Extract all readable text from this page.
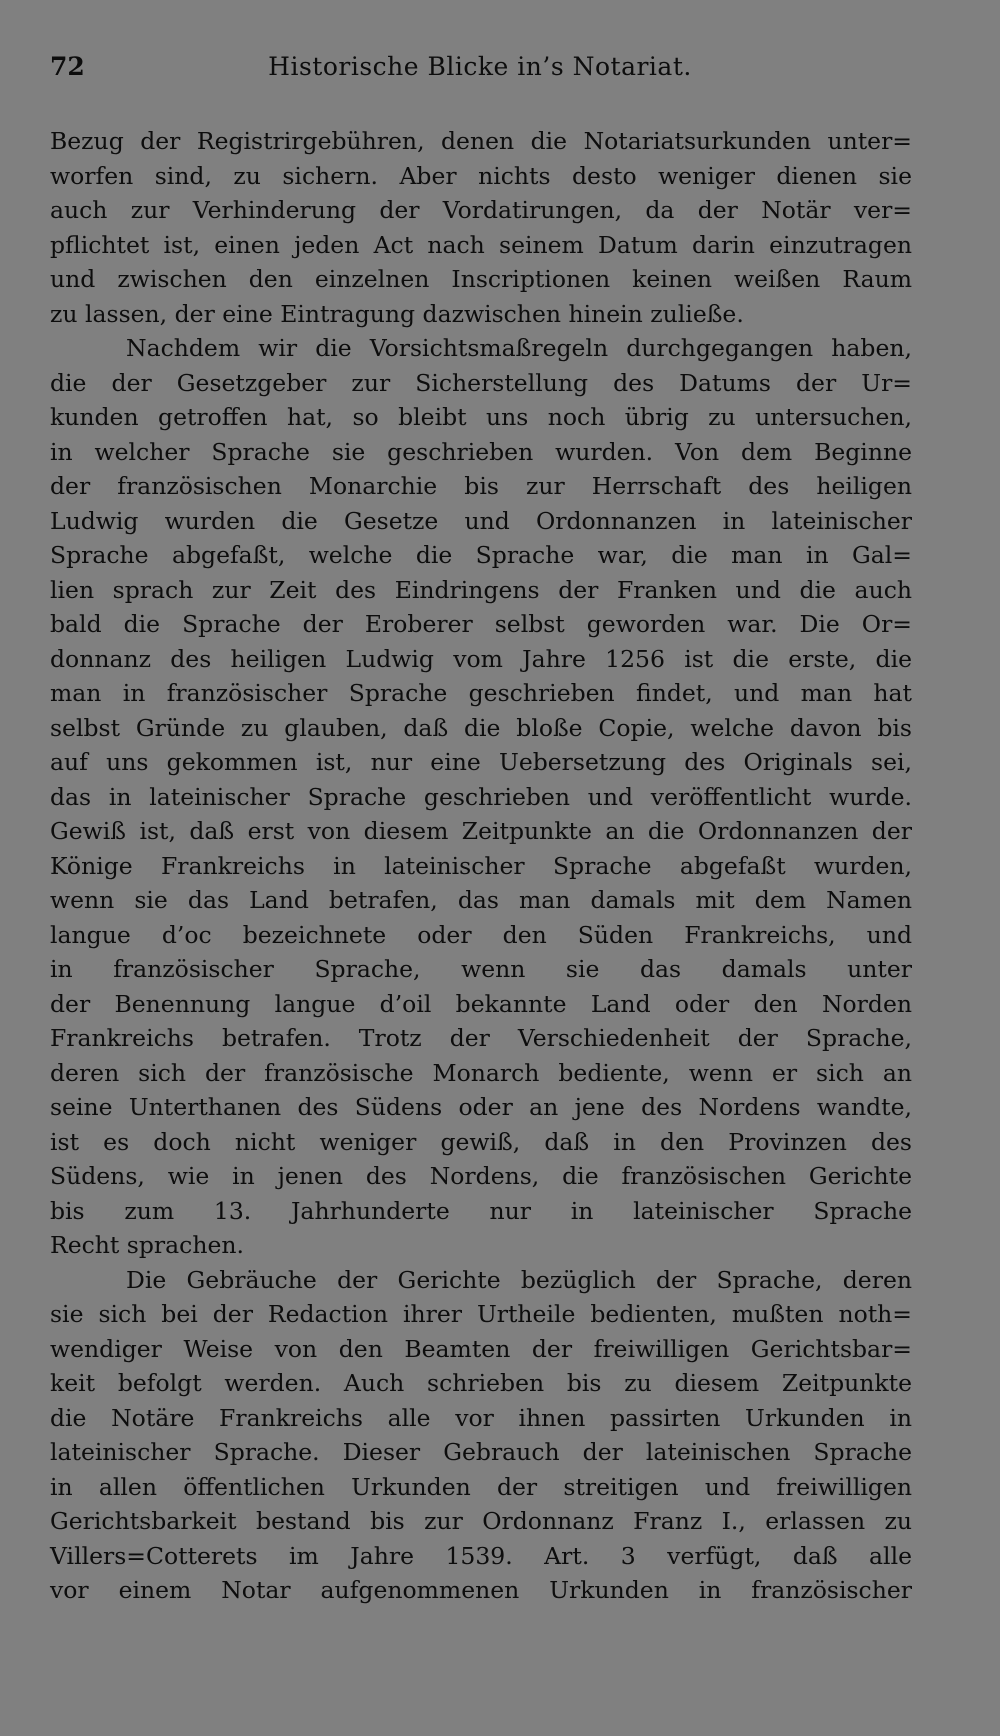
72	Historische Blicke in’s Notariat.
Bezug der Registrirgebühren, denen die Notariatsurkunden unter=
worfen sind, zu sichern. Aber nichts desto weniger dienen sie
auch zur Verhinderung der Vordatirungen, da der Notär ver=
pflichtet ist, einen jeden Act nach seinem Datum darin einzutragen
und zwischen den einzelnen Inscriptionen keinen weißen Raum
zu lassen, der eine Eintragung dazwischen hinein zuließe.
Nachdem wir die Vorsichtsmaßregeln durchgegangen haben,
die der Gesetzgeber zur Sicherstellung des Datums der Ur=
kunden getroffen hat, so bleibt uns noch übrig zu untersuchen,
in welcher Sprache sie geschrieben wurden. Von dem Beginne
der französischen Monarchie bis zur Herrschaft des heiligen
Ludwig wurden die Gesetze und Ordonnanzen in lateinischer
Sprache abgefaßt, welche die Sprache war, die man in Gal=
lien sprach zur Zeit des Eindringens der Franken und die auch
bald die Sprache der Eroberer selbst geworden war. Die Or=
donnanz des heiligen Ludwig vom Jahre 1256 ist die erste, die
man in französischer Sprache geschrieben findet, und man hat
selbst Gründe zu glauben, daß die bloße Copie, welche davon bis
auf uns gekommen ist, nur eine Uebersetzung des Originals sei,
das in lateinischer Sprache geschrieben und veröffentlicht wurde.
Gewiß ist, daß erst von diesem Zeitpunkte an die Ordonnanzen der
Könige Frankreichs in lateinischer Sprache abgefaßt wurden,
wenn sie das Land betrafen, das man damals mit dem Namen
langue d’oc bezeichnete oder den Süden Frankreichs, und
in französischer Sprache, wenn sie das damals unter
der Benennung langue d’oil bekannte Land oder den Norden
Frankreichs betrafen. Trotz der Verschiedenheit der Sprache,
deren sich der französische Monarch bediente, wenn er sich an
seine Unterthanen des Südens oder an jene des Nordens wandte,
ist es doch nicht weniger gewiß, daß in den Provinzen des
Südens, wie in jenen des Nordens, die französischen Gerichte
bis zum 13. Jahrhunderte nur in lateinischer Sprache
Recht sprachen.
Die Gebräuche der Gerichte bezüglich der Sprache, deren
sie sich bei der Redaction ihrer Urtheile bedienten, mußten noth=
wendiger Weise von den Beamten der freiwilligen Gerichtsbar=
keit befolgt werden. Auch schrieben bis zu diesem Zeitpunkte
die Notäre Frankreichs alle vor ihnen passirten Urkunden in
lateinischer Sprache. Dieser Gebrauch der lateinischen Sprache
in allen öffentlichen Urkunden der streitigen und freiwilligen
Gerichtsbarkeit bestand bis zur Ordonnanz Franz I., erlassen zu
Villers=Cotterets im Jahre 1539. Art. 3 verfügt, daß alle
vor einem Notar aufgenommenen Urkunden in französischer
